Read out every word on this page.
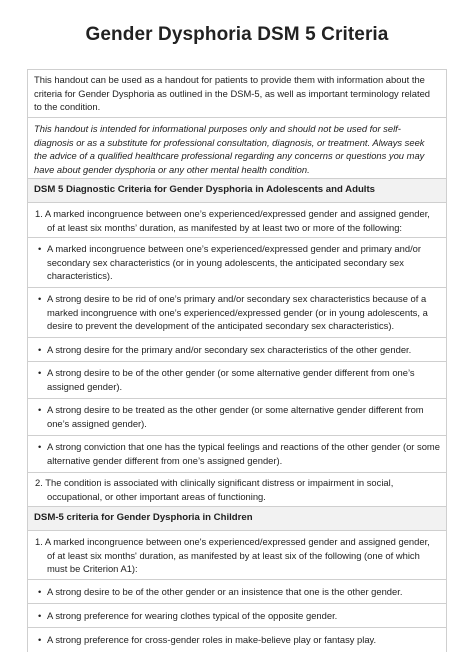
Gender Dysphoria DSM 5 Criteria
This handout can be used as a handout for patients to provide them with information about the criteria for Gender Dysphoria as outlined in the DSM-5, as well as important terminology related to the condition.
This handout is intended for informational purposes only and should not be used for self-diagnosis or as a substitute for professional consultation, diagnosis, or treatment. Always seek the advice of a qualified healthcare professional regarding any concerns or questions you may have about gender dysphoria or any other mental health condition.
DSM 5 Diagnostic Criteria for Gender Dysphoria in Adolescents and Adults
1. A marked incongruence between one’s experienced/expressed gender and assigned gender, of at least six months’ duration, as manifested by at least two or more of the following:
• A marked incongruence between one’s experienced/expressed gender and primary and/or secondary sex characteristics (or in young adolescents, the anticipated secondary sex characteristics).
• A strong desire to be rid of one’s primary and/or secondary sex characteristics because of a marked incongruence with one’s experienced/expressed gender (or in young adolescents, a desire to prevent the development of the anticipated secondary sex characteristics).
• A strong desire for the primary and/or secondary sex characteristics of the other gender.
• A strong desire to be of the other gender (or some alternative gender different from one’s assigned gender).
• A strong desire to be treated as the other gender (or some alternative gender different from one’s assigned gender).
• A strong conviction that one has the typical feelings and reactions of the other gender (or some alternative gender different from one’s assigned gender).
2. The condition is associated with clinically significant distress or impairment in social, occupational, or other important areas of functioning.
DSM-5 criteria for Gender Dysphoria in Children
1. A marked incongruence between one's experienced/expressed gender and assigned gender, of at least six months' duration, as manifested by at least six of the following (one of which must be Criterion A1):
• A strong desire to be of the other gender or an insistence that one is the other gender.
• A strong preference for wearing clothes typical of the opposite gender.
• A strong preference for cross-gender roles in make-believe play or fantasy play.
